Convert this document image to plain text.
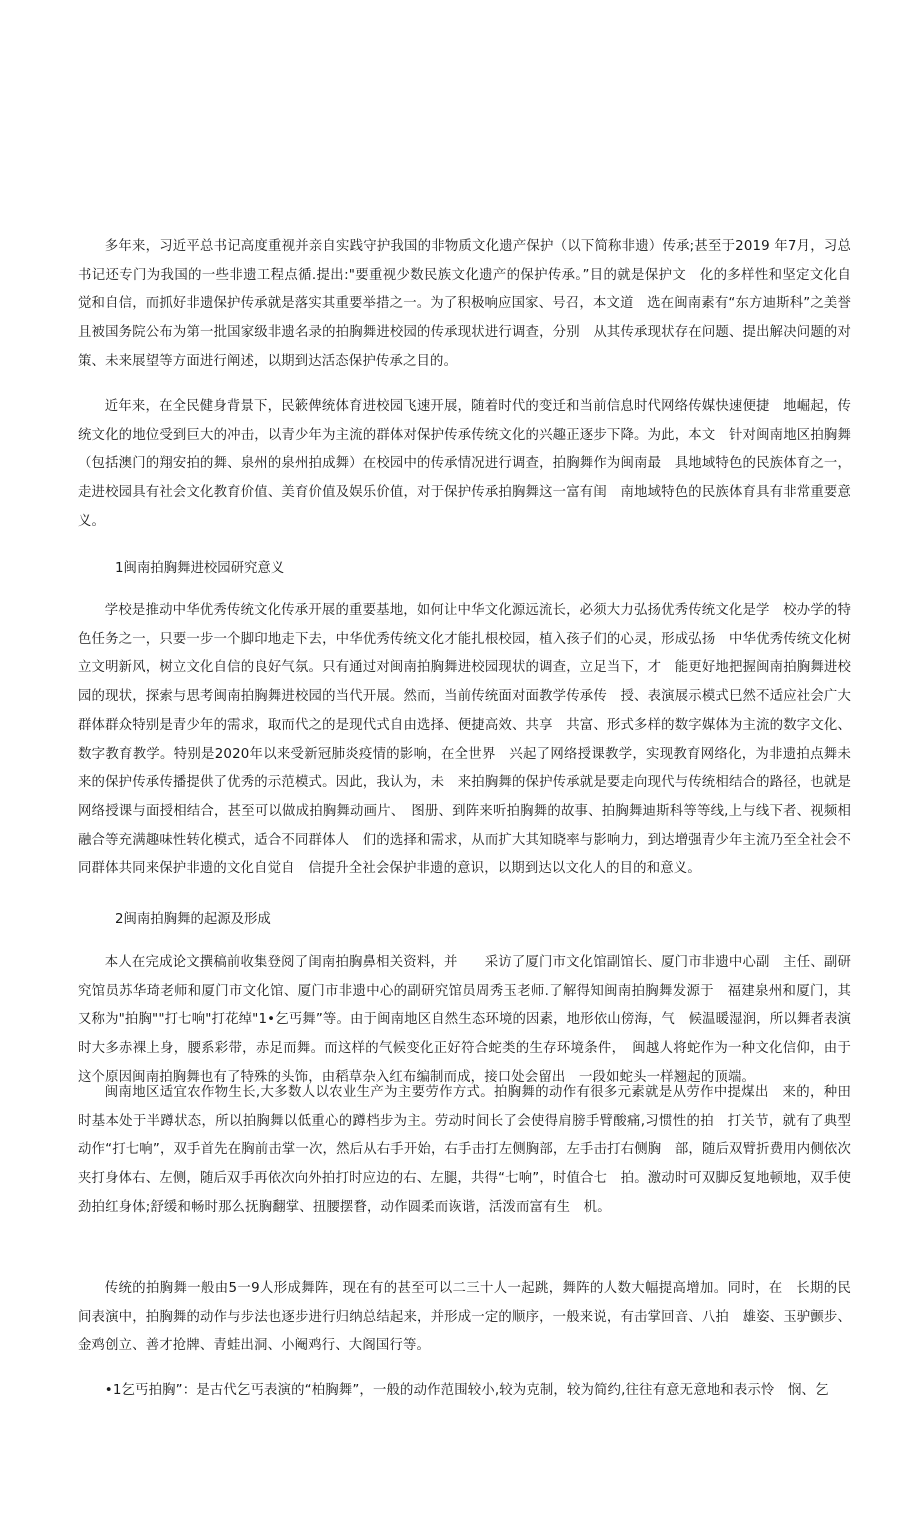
多年来，习近平总书记高度重视并亲自实践守护我国的非物质文化遗产保护（以下简称非遗）传承;甚至于2019 年7月，习总书记还专门为我国的一些非遗工程点循.提出:"要重视少数民族文化遗产的保护传承。”目的就是保护文　化的多样性和坚定文化自觉和自信，而抓好非遗保护传承就是落实其重要举措之一。为了积极响应国家、号召，本文道　选在闽南素有“东方迪斯科”之美誉且被国务院公布为第一批国家级非遗名录的拍胸舞进校园的传承现状进行调查，分别　从其传承现状存在问题、提出解决问题的对策、未来展望等方面进行阐述，以期到达活态保护传承之目的。

近年来，在全民健身背景下，民簌俾统体育进校园飞速开展，随着时代的变迁和当前信息时代网络传媒快速便捷　地崛起，传统文化的地位受到巨大的冲击，以青少年为主流的群体对保护传承传统文化的兴趣正逐步下降。为此，本文　针对闽南地区拍胸舞（包括澳门的翔安拍的舞、泉州的泉州拍成舞）在校园中的传承情况进行调查，拍胸舞作为闽南最　具地域特色的民族体育之一，走进校园具有社会文化教育价值、美育价值及娱乐价值，对于保护传承拍胸舞这一富有闺　南地域特色的民族体育具有非常重要意义。

1闽南拍胸舞进校园研究意义

学校是推动中华优秀传统文化传承开展的重要基地，如何让中华文化源远流长，必须大力弘扬优秀传统文化是学　校办学的特色任务之一，只要一步一个脚印地走下去，中华优秀传统文化才能扎根校园，植入孩子们的心灵，形成弘扬　中华优秀传统文化树立文明新风，树立文化自信的良好气氛。只有通过对闽南拍胸舞进校园现状的调查，立足当下，才　能更好地把握闽南拍胸舞进校园的现状，探索与思考闽南拍胸舞进校园的当代开展。然而，当前传统面对面教学传承传　授、表演展示模式巳然不适应社会广大群体群众特别是青少年的需求，取而代之的是现代式自由选择、便捷高效、共享　共富、形式多样的数字媒体为主流的数字文化、数字教育教学。特别是2020年以来受新冠肺炎疫情的影响，在全世界　兴起了网络授课教学，实现教育网络化，为非遗拍点舞未来的保护传承传播提供了优秀的示范模式。因此，我认为，未　来拍胸舞的保护传承就是要走向现代与传统相结合的路径，也就是网络授课与面授相结合，甚至可以做成拍胸舞动画片、　图册、到阵来听拍胸舞的故事、拍胸舞迪斯科等等线,上与线下者、视频相融合等充满趣味性转化模式，适合不同群体人　们的选择和需求，从而扩大其知晓率与影响力，到达增强青少年主流乃至全社会不同群体共同来保护非遗的文化自觉自　信提升全社会保护非遗的意识，以期到达以文化人的目的和意义。

2闽南拍胸舞的起源及形成

本人在完成论文撰稿前收集登阅了闺南拍胸鼻相关资料，并　　采访了厦门市文化馆副馆长、厦门市非遗中心副　主任、副研究馆员苏华琦老师和厦门市文化馆、厦门市非遗中心的副研究馆员周秀玉老师.了解得知闽南拍胸舞发源于　福建泉州和厦门，其又称为"拍胸""打七响"打花绰"1•乞丐舞”等。由于闽南地区自然生态环境的因素，地形依山傍海，气　候温暖湿润，所以舞者表演时大多赤裸上身，腰系彩带，赤足而舞。而这样的气候变化正好符合蛇类的生存环境条件，　闽越人将蛇作为一种文化信仰，由于这个原因闽南拍胸舞也有了特殊的头饰，由稻草杂入红布编制而成，接口处会留出　一段如蛇头一样翘起的顶端。

闽南地区适宜农作物生长,大多数人以农业生产为主要劳作方式。拍胸舞的动作有很多元素就是从劳作中提煤出　来的，种田时基本处于半蹲状态，所以拍胸舞以低重心的蹲档步为主。劳动时间长了会使得肩膀手臂酸痛,习惯性的拍　打关节，就有了典型动作“打七响”，双手首先在胸前击掌一次，然后从右手开始，右手击打左侧胸部，左手击打右侧胸　部，随后双臂折费用内侧依次夹打身体右、左侧，随后双手再依次向外拍打时应边的右、左腿，共得“七响”，时值合七　拍。激动时可双脚反复地顿地，双手使劲拍红身体;舒缓和畅时那么抚胸翻掌、扭腰摆瞀，动作圆柔而诙谐，活泼而富有生　机。

传统的拍胸舞一般由5一9人形成舞阵，现在有的甚至可以二三十人一起跳，舞阵的人数大幅提高增加。同时，在　长期的民间表演中，拍胸舞的动作与步法也逐步进行归纳总结起来，并形成一定的顺序，一般来说，有击掌回音、八拍　雄姿、玉驴颤步、金鸡创立、善才抢牌、青蛙出洞、小阉鸡行、大阁国行等。

•1乞丐拍胸”：是古代乞丐表演的“柏胸舞”，一般的动作范围较小,较为克制，较为简约,往往有意无意地和表示怜　悯、乞
